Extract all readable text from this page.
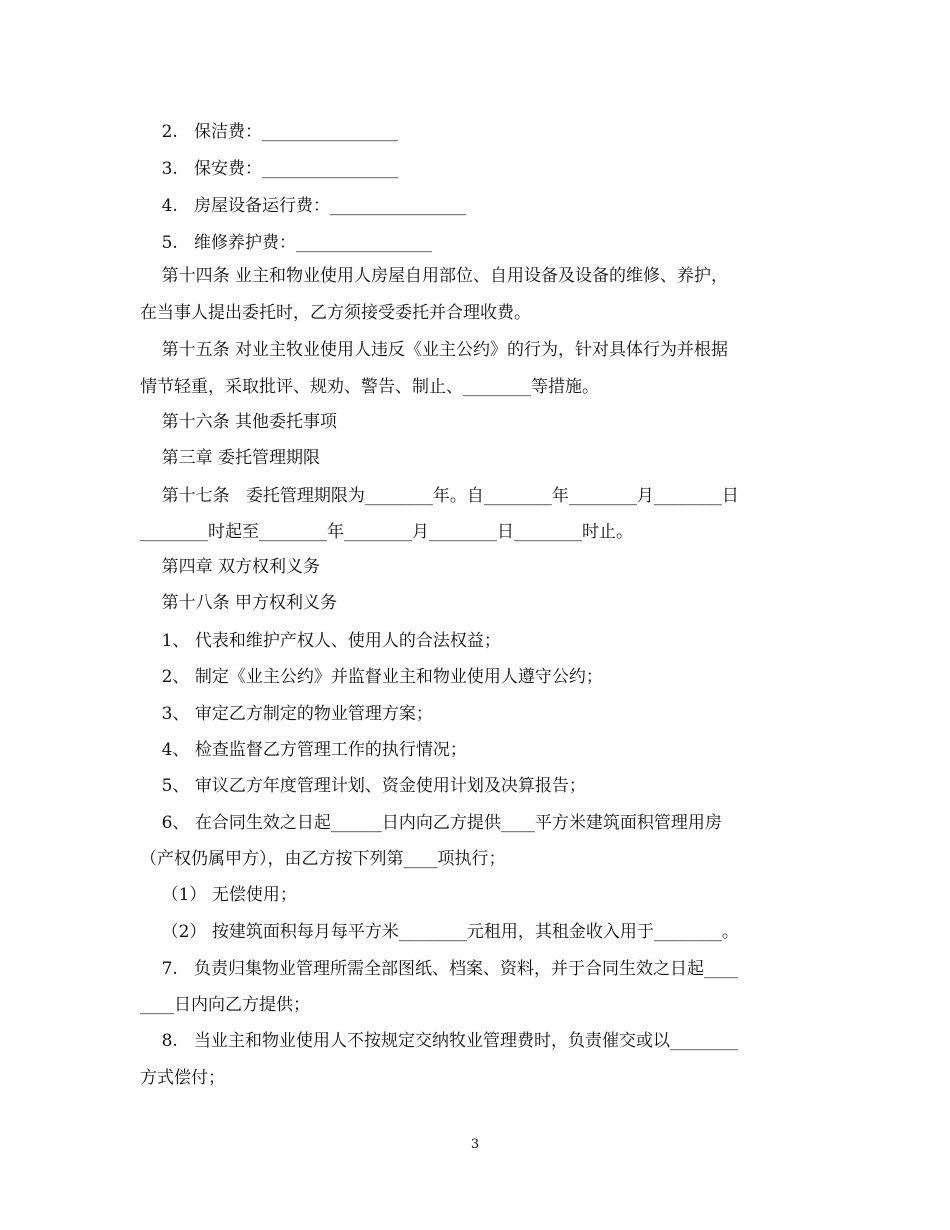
2.   保洁费：________________
3.   保安费：________________
4.   房屋设备运行费：________________
5.   维修养护费：________________
第十四条 业主和物业使用人房屋自用部位、自用设备及设备的维修、养护，
在当事人提出委托时，乙方须接受委托并合理收费。
第十五条 对业主牧业使用人违反《业主公约》的行为，针对具体行为并根据
情节轻重，采取批评、规劝、警告、制止、________等措施。
第十六条 其他委托事项
第三章 委托管理期限
第十七条   委托管理期限为________年。自________年________月________日
________时起至________年________月________日________时止。
第四章 双方权利义务
第十八条 甲方权利义务
1、 代表和维护产权人、使用人的合法权益；
2、 制定《业主公约》并监督业主和物业使用人遵守公约；
3、 审定乙方制定的物业管理方案；
4、 检查监督乙方管理工作的执行情况；
5、 审议乙方年度管理计划、资金使用计划及决算报告；
6、 在合同生效之日起______日内向乙方提供____平方米建筑面积管理用房
（产权仍属甲方），由乙方按下列第____项执行；
（1） 无偿使用；
（2） 按建筑面积每月每平方米________元租用，其租金收入用于________。
7.   负责归集物业管理所需全部图纸、档案、资料，并于合同生效之日起____
____日内向乙方提供；
8.   当业主和物业使用人不按规定交纳牧业管理费时，负责催交或以________
方式偿付；
3
